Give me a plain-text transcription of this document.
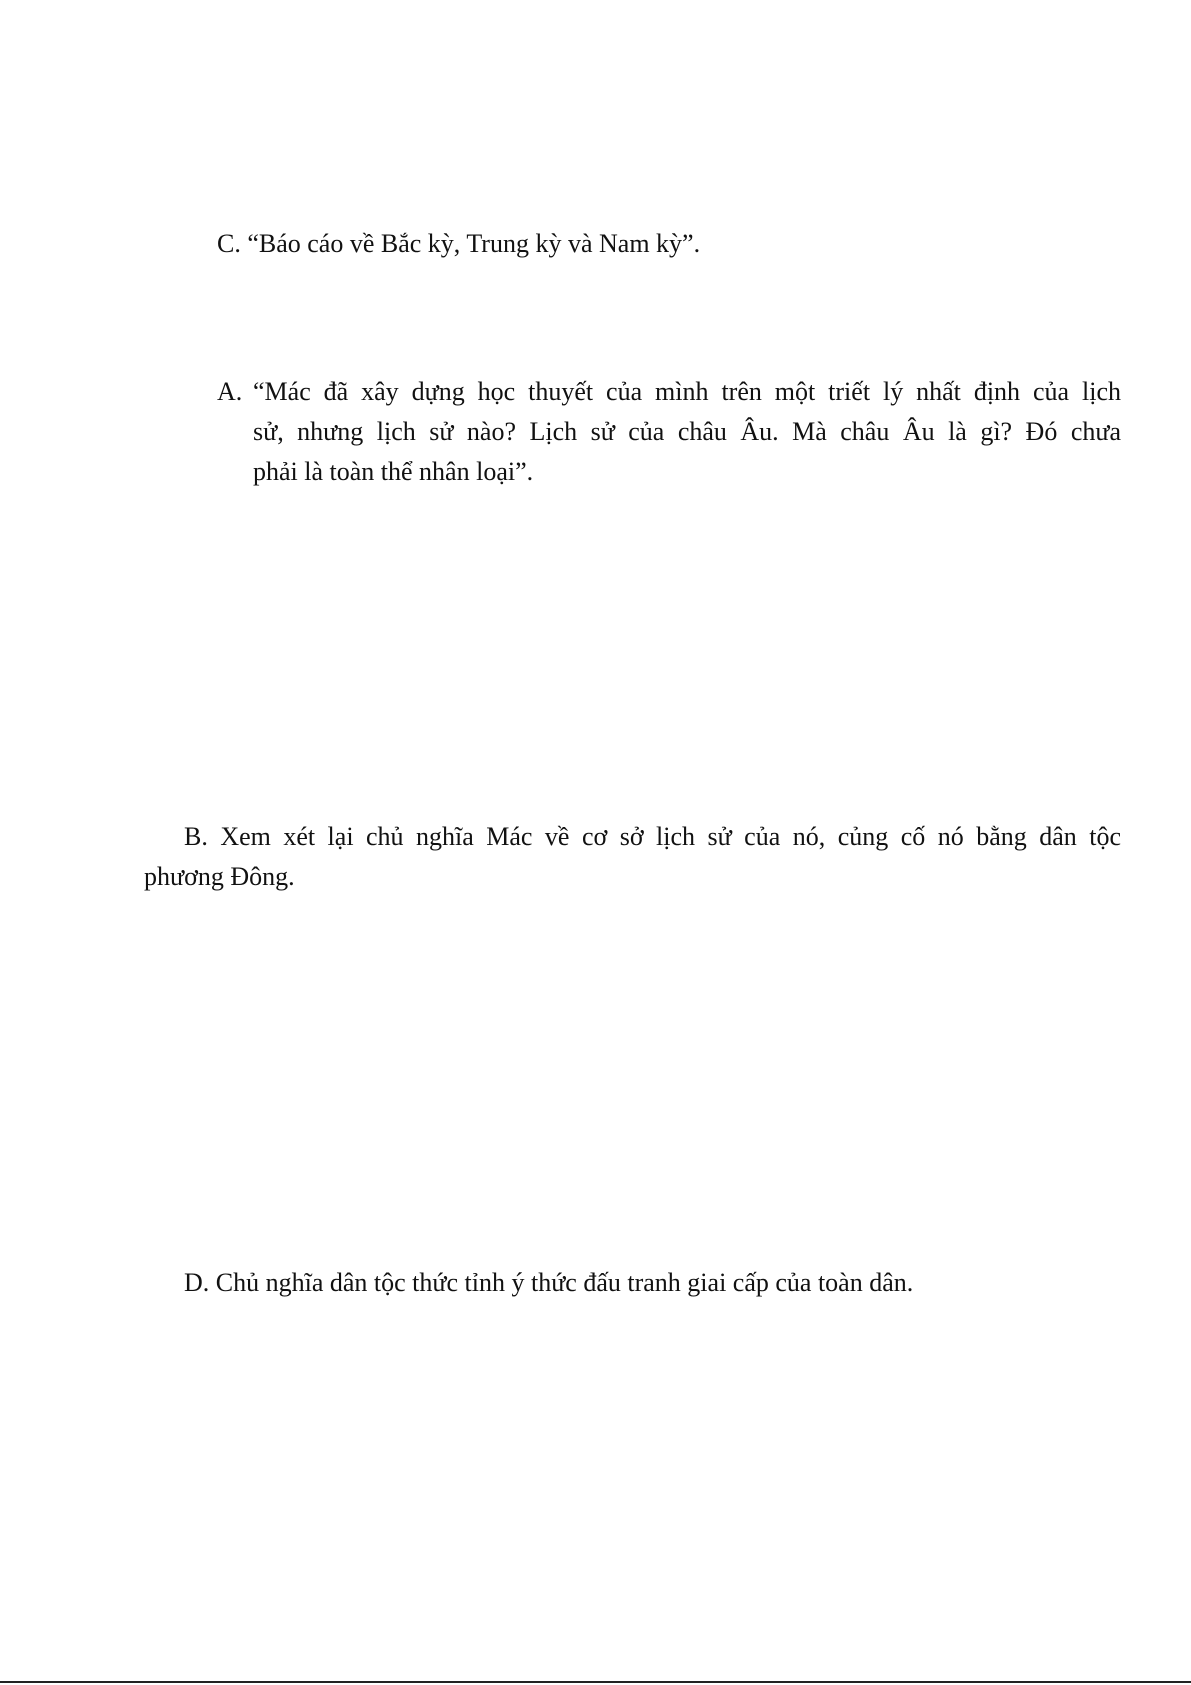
C. “Báo cáo về Bắc kỳ, Trung kỳ và Nam kỳ”.
A. “Mác đã xây dựng học thuyết của mình trên một triết lý nhất định của lịch
sử, nhưng lịch sử nào? Lịch sử của châu Âu. Mà châu Âu là gì? Đó chưa
phải là toàn thể nhân loại”.
B. Xem xét lại chủ nghĩa Mác về cơ sở lịch sử của nó, củng cố nó bằng dân tộc
phương Đông.
D. Chủ nghĩa dân tộc thức tỉnh ý thức đấu tranh giai cấp của toàn dân.
